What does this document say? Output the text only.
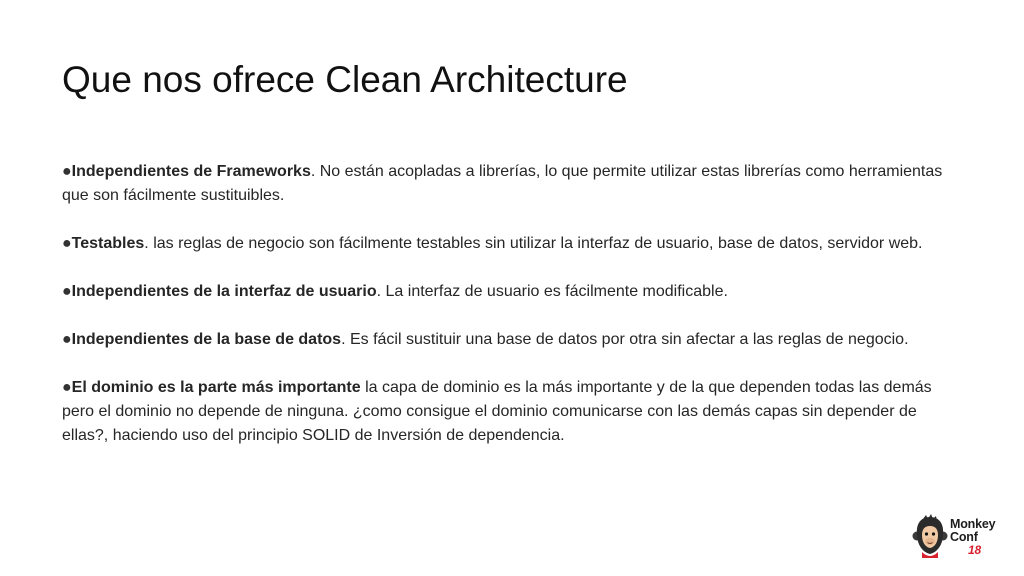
Que nos ofrece Clean Architecture
●Independientes de Frameworks. No están acopladas a librerías, lo que permite utilizar estas librerías como herramientas que son fácilmente sustituibles.
●Testables. las reglas de negocio son fácilmente testables sin utilizar la interfaz de usuario, base de datos, servidor web.
●Independientes de la interfaz de usuario. La interfaz de usuario es fácilmente modificable.
●Independientes de la base de datos. Es fácil sustituir una base de datos por otra sin afectar a las reglas de negocio.
●El dominio es la parte más importante la capa de dominio es la más importante y de la que dependen todas las demás pero el dominio no depende de ninguna. ¿como consigue el dominio comunicarse con las demás capas sin depender de ellas?, haciendo uso del principio SOLID de Inversión de dependencia.
Monkey
Conf
18
